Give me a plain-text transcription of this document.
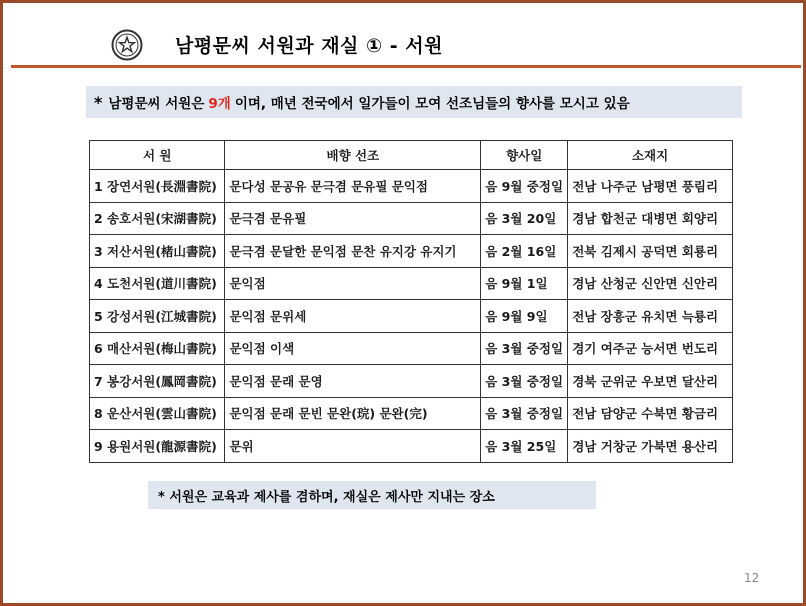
남평문씨 서원과 재실 ① - 서원
* 남평문씨 서원은 9개 이며, 매년 전국에서 일가들이 모여 선조님들의 향사를 모시고 있음
서 원	배향 선조	향사일	소재지
1 장연서원(長淵書院)	문다성 문공유 문극겸 문유필 문익점	음 9월 중정일	전남 나주군 남평면 풍림리
2 송호서원(宋湖書院)	문극겸 문유필	음 3월 20일	경남 합천군 대병면 회양리
3 저산서원(楮山書院)	문극겸 문달한 문익점 문찬 유지강 유지기	음 2월 16일	전북 김제시 공덕면 회룡리
4 도천서원(道川書院)	문익점	음 9월 1일	경남 산청군 신안면 신안리
5 강성서원(江城書院)	문익점 문위세	음 9월 9일	전남 장흥군 유치면 늑룡리
6 매산서원(梅山書院)	문익점 이색	음 3월 중정일	경기 여주군 능서면 번도리
7 봉강서원(鳳岡書院)	문익점 문래 문영	음 3월 중정일	경북 군위군 우보면 달산리
8 운산서원(雲山書院)	문익점 문래 문빈 문완(琓) 문완(完)	음 3월 중정일	전남 담양군 수북면 황금리
9 용원서원(龍源書院)	문위	음 3월 25일	경남 거창군 가북면 용산리
* 서원은 교육과 제사를 겸하며, 재실은 제사만 지내는 장소
12
